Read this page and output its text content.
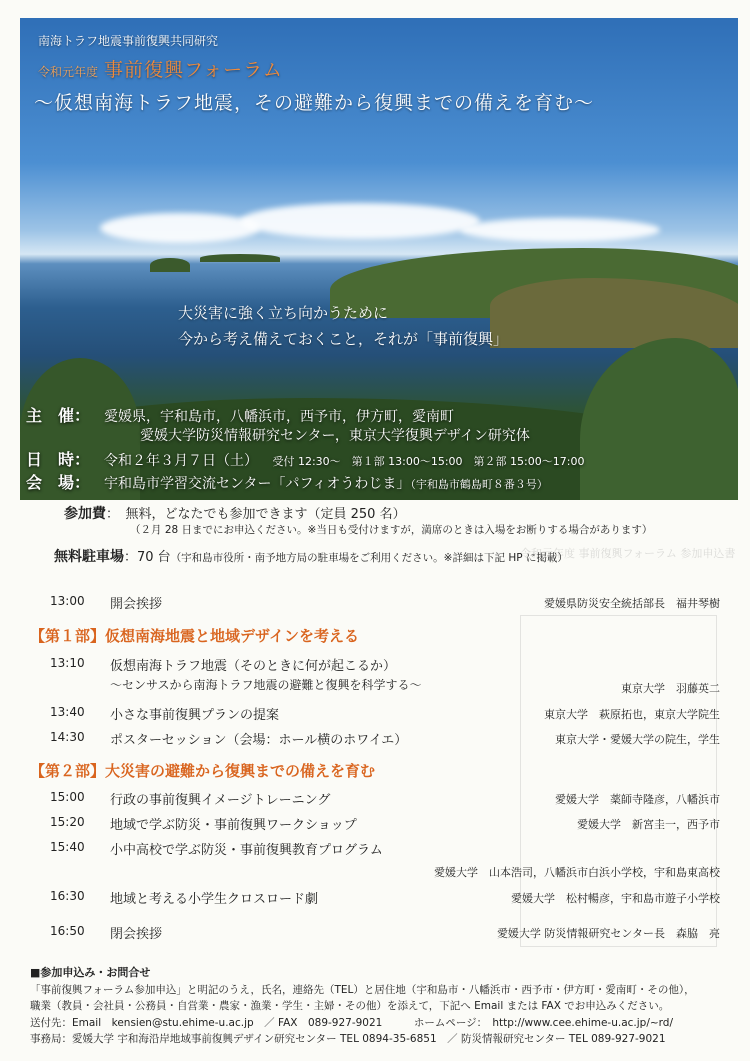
南海トラフ地震事前復興共同研究
令和元年度 事前復興フォーラム
～仮想南海トラフ地震，その避難から復興までの備えを育む～
大災害に強く立ち向かうために
今から考え備えておくこと，それが「事前復興」
主　催： 愛媛県，宇和島市，八幡浜市，西予市，伊方町，愛南町
愛媛大学防災情報研究センター，東京大学復興デザイン研究体
日　時： 令和２年３月７日（土） 受付 12:30～　第１部 13:00～15:00　第２部 15:00～17:00
会　場： 宇和島市学習交流センター「パフィオうわじま」（宇和島市鶴島町８番３号）
令和元年度 事前復興フォーラム 参加申込書
参加費：　無料，どなたでも参加できます（定員 250 名）
（２月 28 日までにお申込ください。※当日も受付けますが，満席のときは入場をお断りする場合があります）
無料駐車場：70 台（宇和島市役所・南予地方局の駐車場をご利用ください。※詳細は下記 HP に掲載）
13:00 開会挨拶	愛媛県防災安全統括部長　福井琴樹
【第１部】仮想南海地震と地域デザインを考える
13:10 仮想南海トラフ地震（そのときに何が起こるか）
～センサスから南海トラフ地震の避難と復興を科学する～	東京大学　羽藤英二
13:40 小さな事前復興プランの提案	東京大学　萩原拓也，東京大学院生
14:30 ポスターセッション（会場：ホール横のホワイエ）	東京大学・愛媛大学の院生，学生
【第２部】大災害の避難から復興までの備えを育む
15:00 行政の事前復興イメージトレーニング	愛媛大学　薬師寺隆彦，八幡浜市
15:20 地域で学ぶ防災・事前復興ワークショップ	愛媛大学　新宮圭一，西予市
15:40 小中高校で学ぶ防災・事前復興教育プログラム
愛媛大学　山本浩司，八幡浜市白浜小学校，宇和島東高校
16:30 地域と考える小学生クロスロード劇	愛媛大学　松村暢彦，宇和島市遊子小学校
16:50 閉会挨拶	愛媛大学 防災情報研究センター長　森脇　亮
■参加申込み・お問合せ
「事前復興フォーラム参加申込」と明記のうえ，氏名，連絡先（TEL）と居住地（宇和島市・八幡浜市・西予市・伊方町・愛南町・その他），
職業（教員・会社員・公務員・自営業・農家・漁業・学生・主婦・その他）を添えて，下記へ Email または FAX でお申込みください。
送付先：Email　kensien@stu.ehime-u.ac.jp　／ FAX　089-927-9021　　　ホームページ：　http://www.cee.ehime-u.ac.jp/~rd/
事務局：愛媛大学 宇和海沿岸地域事前復興デザイン研究センター TEL 0894-35-6851　／ 防災情報研究センター TEL 089-927-9021
